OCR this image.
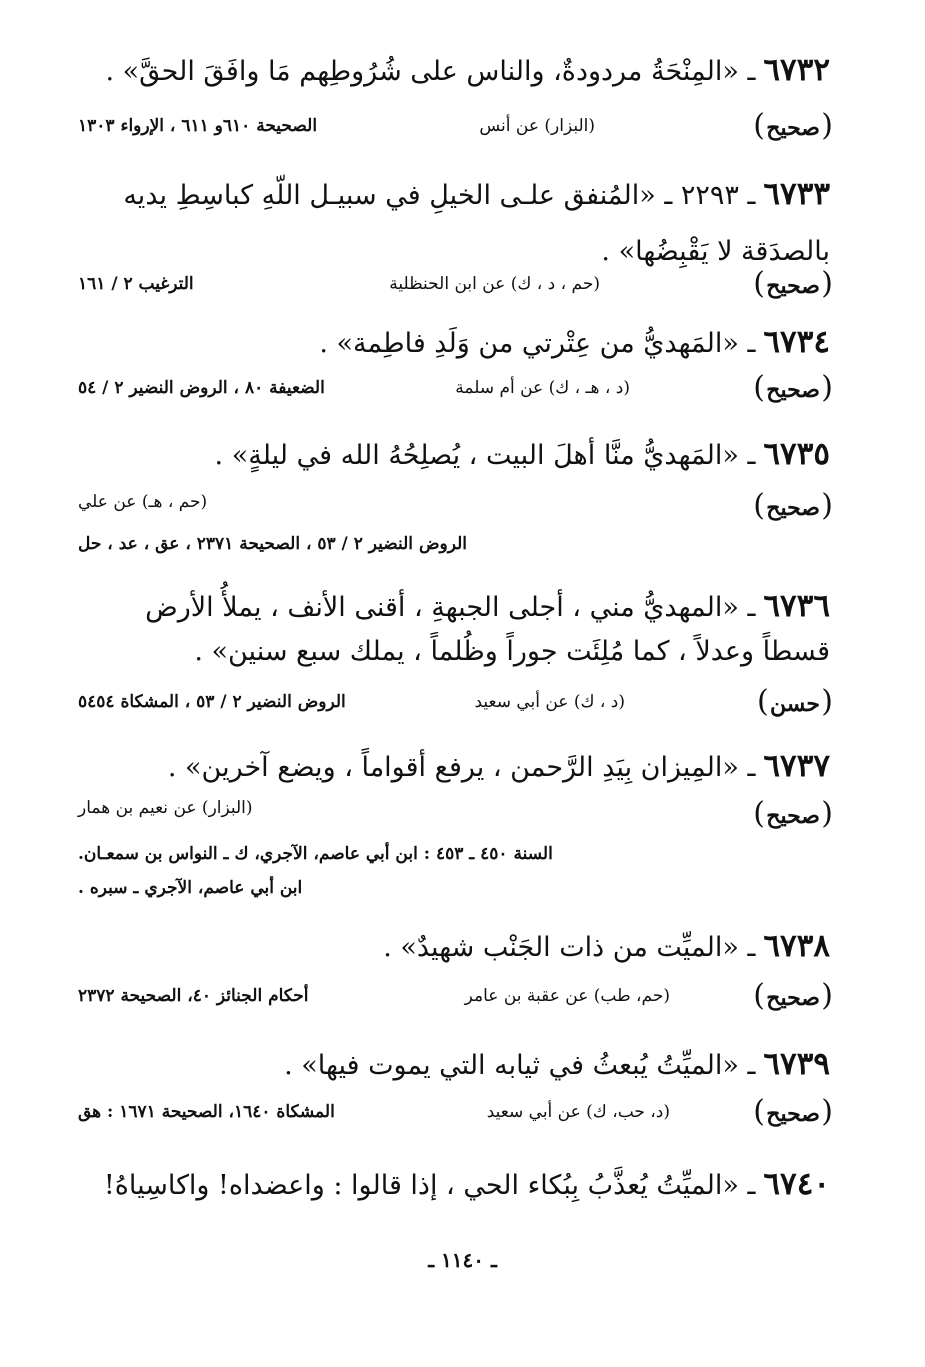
٦٧٣٢ـ «المِنْحَةُ مردودةٌ، والناس على شُرُوطِهم مَا وافَقَ الحقَّ» .
( صحيح )
(البزار) عن أنس
الصحيحة ٦١٠و ٦١١ ، الإرواء ١٣٠٣
٦٧٣٣ـ ٢٢٩٣ ـ «المُنفق علـى الخيلِ في سبيـل اللّهِ كباسِطِ يديه بالصدَقة لا يَقْبِضُها» .
( صحيح )
(حم ، د ، ك) عن ابن الحنظلية
الترغيب ٢ / ١٦١
٦٧٣٤ـ «المَهديُّ من عِتْرتي من وَلَدِ فاطِمة» .
( صحيح )
(د ، هـ ، ك) عن أم سلمة
الضعيفة ٨٠ ، الروض النضير ٢ / ٥٤
٦٧٣٥ـ «المَهديُّ منَّا أهلَ البيت ، يُصلِحُهُ الله في ليلةٍ» .
( صحيح )
(حم ، هـ) عن علي
الروض النضير ٢ / ٥٣ ، الصحيحة ٢٣٧١ ، عق ، عد ، حل
٦٧٣٦ـ «المهديُّ مني ، أجلى الجبهةِ ، أقنى الأنف ، يملأُ الأرض قسطاً وعدلاً ، كما مُلِئَت جوراً وظُلماً ، يملك سبع سنين» .
( حسن )
(د ، ك) عن أبي سعيد
الروض النضير ٢ / ٥٣ ، المشكاة ٥٤٥٤
٦٧٣٧ـ «المِيزان بِيَدِ الرَّحمن ، يرفع أقواماً ، ويضع آخرين» .
( صحيح )
(البزار) عن نعيم بن همار
السنة ٤٥٠ ـ ٤٥٣ : ابن أبي عاصم، الآجري، ك ـ النواس بن سمعـان.
ابن أبي عاصم، الآجري ـ سبره .
٦٧٣٨ـ «الميِّت من ذات الجَنْب شهيدٌ» .
( صحيح )
(حم، طب) عن عقبة بن عامر
أحكام الجنائز ٤٠، الصحيحة ٢٣٧٢
٦٧٣٩ـ «الميِّتُ يُبعثُ في ثيابه التي يموت فيها» .
( صحيح )
(د، حب، ك) عن أبي سعيد
المشكاة ١٦٤٠، الصحيحة ١٦٧١ : هق
٦٧٤٠ـ «الميِّتُ يُعذَّبُ بِبُكاء الحي ، إذا قالوا : واعضداه! واكاسِياهُ!
ـ ١١٤٠ ـ
